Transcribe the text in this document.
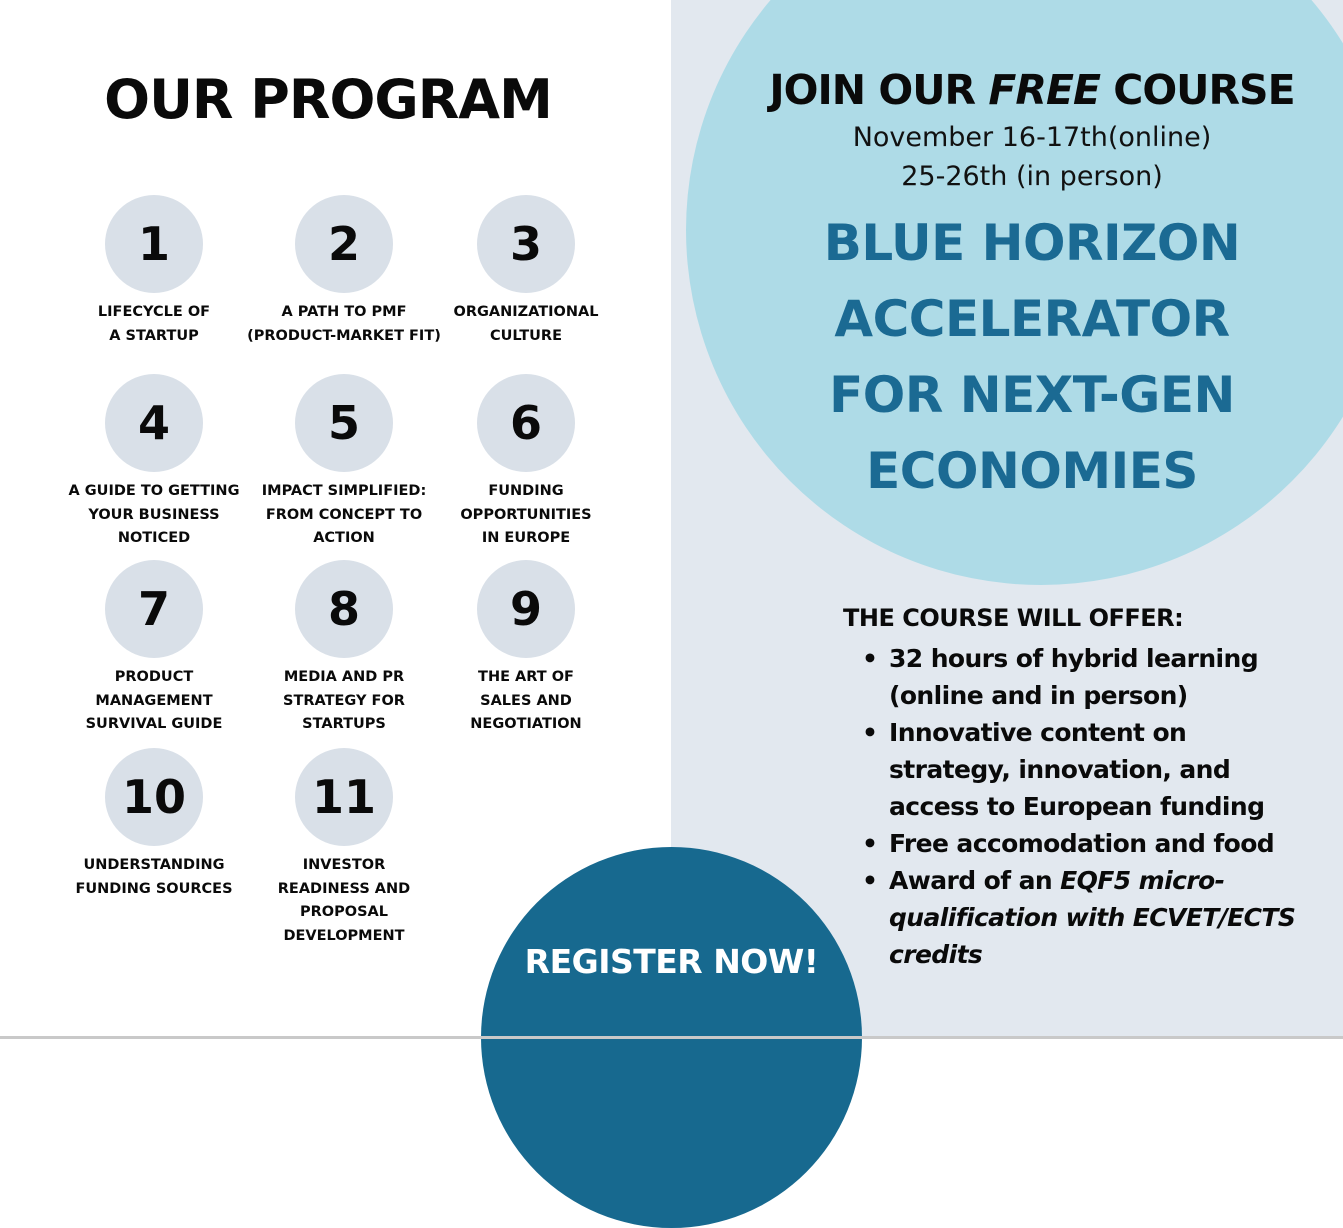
OUR PROGRAM
1
LIFECYCLE OF
A STARTUP
2
A PATH TO PMF
(PRODUCT-MARKET FIT)
3
ORGANIZATIONAL
CULTURE
4
A GUIDE TO GETTING
YOUR BUSINESS
NOTICED
5
IMPACT SIMPLIFIED:
FROM CONCEPT TO
ACTION
6
FUNDING
OPPORTUNITIES
IN EUROPE
7
PRODUCT
MANAGEMENT
SURVIVAL GUIDE
8
MEDIA AND PR
STRATEGY FOR
STARTUPS
9
THE ART OF
SALES AND
NEGOTIATION
10
UNDERSTANDING
FUNDING SOURCES
11
INVESTOR
READINESS AND
PROPOSAL
DEVELOPMENT
REGISTER NOW!
JOIN OUR FREE COURSE
November 16-17th(online)
25-26th (in person)
BLUE HORIZON
ACCELERATOR
FOR NEXT-GEN
ECONOMIES
THE COURSE WILL OFFER:
• 32 hours of hybrid learning (online and in person)
• Innovative content on strategy, innovation, and access to European funding
• Free accomodation and food
• Award of an EQF5 micro-qualification with ECVET/ECTS credits
